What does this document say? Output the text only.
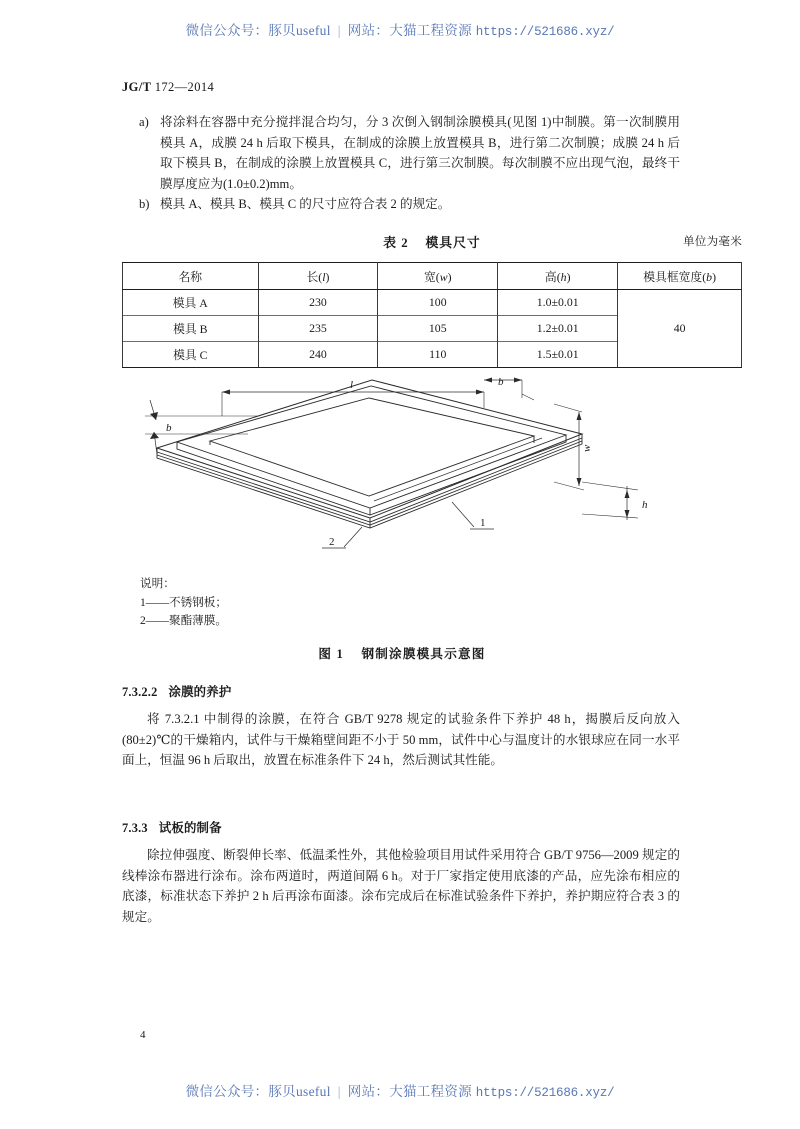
微信公众号：豚贝useful | 网站：大猫工程资源 https://521686.xyz/
JG/T 172—2014
a) 将涂料在容器中充分搅拌混合均匀，分 3 次倒入钢制涂膜模具(见图 1)中制膜。第一次制膜用模具 A，成膜 24 h 后取下模具，在制成的涂膜上放置模具 B，进行第二次制膜；成膜 24 h 后取下模具 B，在制成的涂膜上放置模具 C，进行第三次制膜。每次制膜不应出现气泡，最终干膜厚度应为(1.0±0.2)mm。
b) 模具 A、模具 B、模具 C 的尺寸应符合表 2 的规定。
表 2 模具尺寸	单位为毫米
名称	长(l)	宽(w)	高(h)	模具框宽度(b)
模具 A	230	100	1.0±0.01	40
模具 B	235	105	1.2±0.01	
模具 C	240	110	1.5±0.01	
l	b
b
w
h
1
2
说明：
1——不锈钢板；
2——聚酯薄膜。
图 1 钢制涂膜模具示意图
7.3.2.2 涂膜的养护
将 7.3.2.1 中制得的涂膜，在符合 GB/T 9278 规定的试验条件下养护 48 h，揭膜后反向放入(80±2)℃的干燥箱内，试件与干燥箱壁间距不小于 50 mm，试件中心与温度计的水银球应在同一水平面上，恒温 96 h 后取出，放置在标准条件下 24 h，然后测试其性能。
7.3.3 试板的制备
除拉伸强度、断裂伸长率、低温柔性外，其他检验项目用试件采用符合 GB/T 9756—2009 规定的线棒涂布器进行涂布。涂布两道时，两道间隔 6 h。对于厂家指定使用底漆的产品，应先涂布相应的底漆，标准状态下养护 2 h 后再涂布面漆。涂布完成后在标准试验条件下养护，养护期应符合表 3 的规定。
4
微信公众号：豚贝useful | 网站：大猫工程资源 https://521686.xyz/
